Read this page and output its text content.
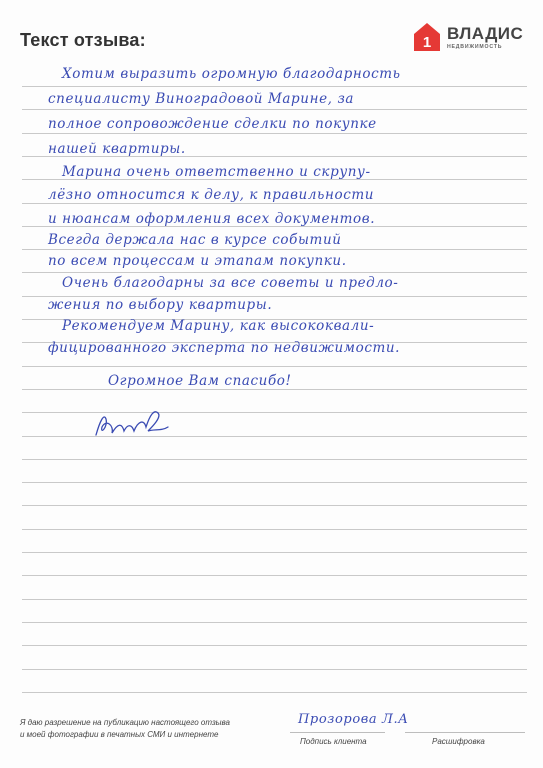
Текст отзыва:	1 ВЛАДИС
НЕДВИЖИМОСТЬ
Хотим выразить огромную благодарность
специалисту Виноградовой Марине, за
полное сопровождение сделки по покупке
нашей квартиры.
Марина очень ответственно и скрупу-
лёзно относится к делу, к правильности
и нюансам оформления всех документов.
Всегда держала нас в курсе событий
по всем процессам и этапам покупки.
Очень благодарны за все советы и предло-
жения по выбору квартиры.
Рекомендуем Марину, как высококвали-
фицированного эксперта по недвижимости.
Огромное Вам спасибо!
Я даю разрешение на публикацию настоящего отзыва
и моей фотографии в печатных СМИ и интернете
Прозорова Л.А
Подпись клиента	Расшифровка
